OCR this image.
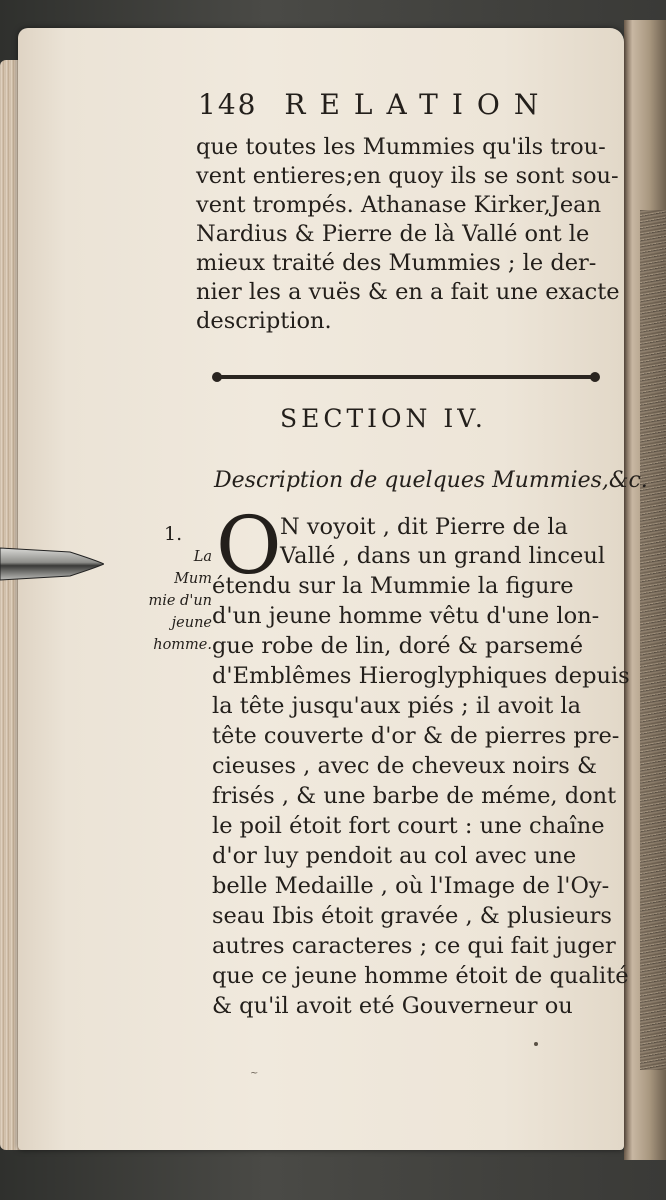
148 RELATION
que toutes les Mummies qu'ils trou-
vent entieres;en quoy ils se sont sou-
vent trompés. Athanase Kirker,Jean
Nardius & Pierre de là Vallé ont le
mieux traité des Mummies ; le der-
nier les a vuës & en a fait une exacte
description.
SECTION IV.
Description de quelques Mummies,&c.
1.
La
Mum
mie d'un
jeune
homme.
O
N voyoit , dit Pierre de la
Vallé , dans un grand linceul
étendu sur la Mummie la figure
d'un jeune homme vêtu d'une lon-
gue robe de lin, doré & parsemé
d'Emblêmes Hieroglyphiques depuis
la tête jusqu'aux piés ; il avoit la
tête couverte d'or & de pierres pre-
cieuses , avec de cheveux noirs &
frisés , & une barbe de méme, dont
le poil étoit fort court : une chaîne
d'or luy pendoit au col avec une
belle Medaille , où l'Image de l'Oy-
seau Ibis étoit gravée , & plusieurs
autres caracteres ; ce qui fait juger
que ce jeune homme étoit de qualité
& qu'il avoit eté Gouverneur ou
~
